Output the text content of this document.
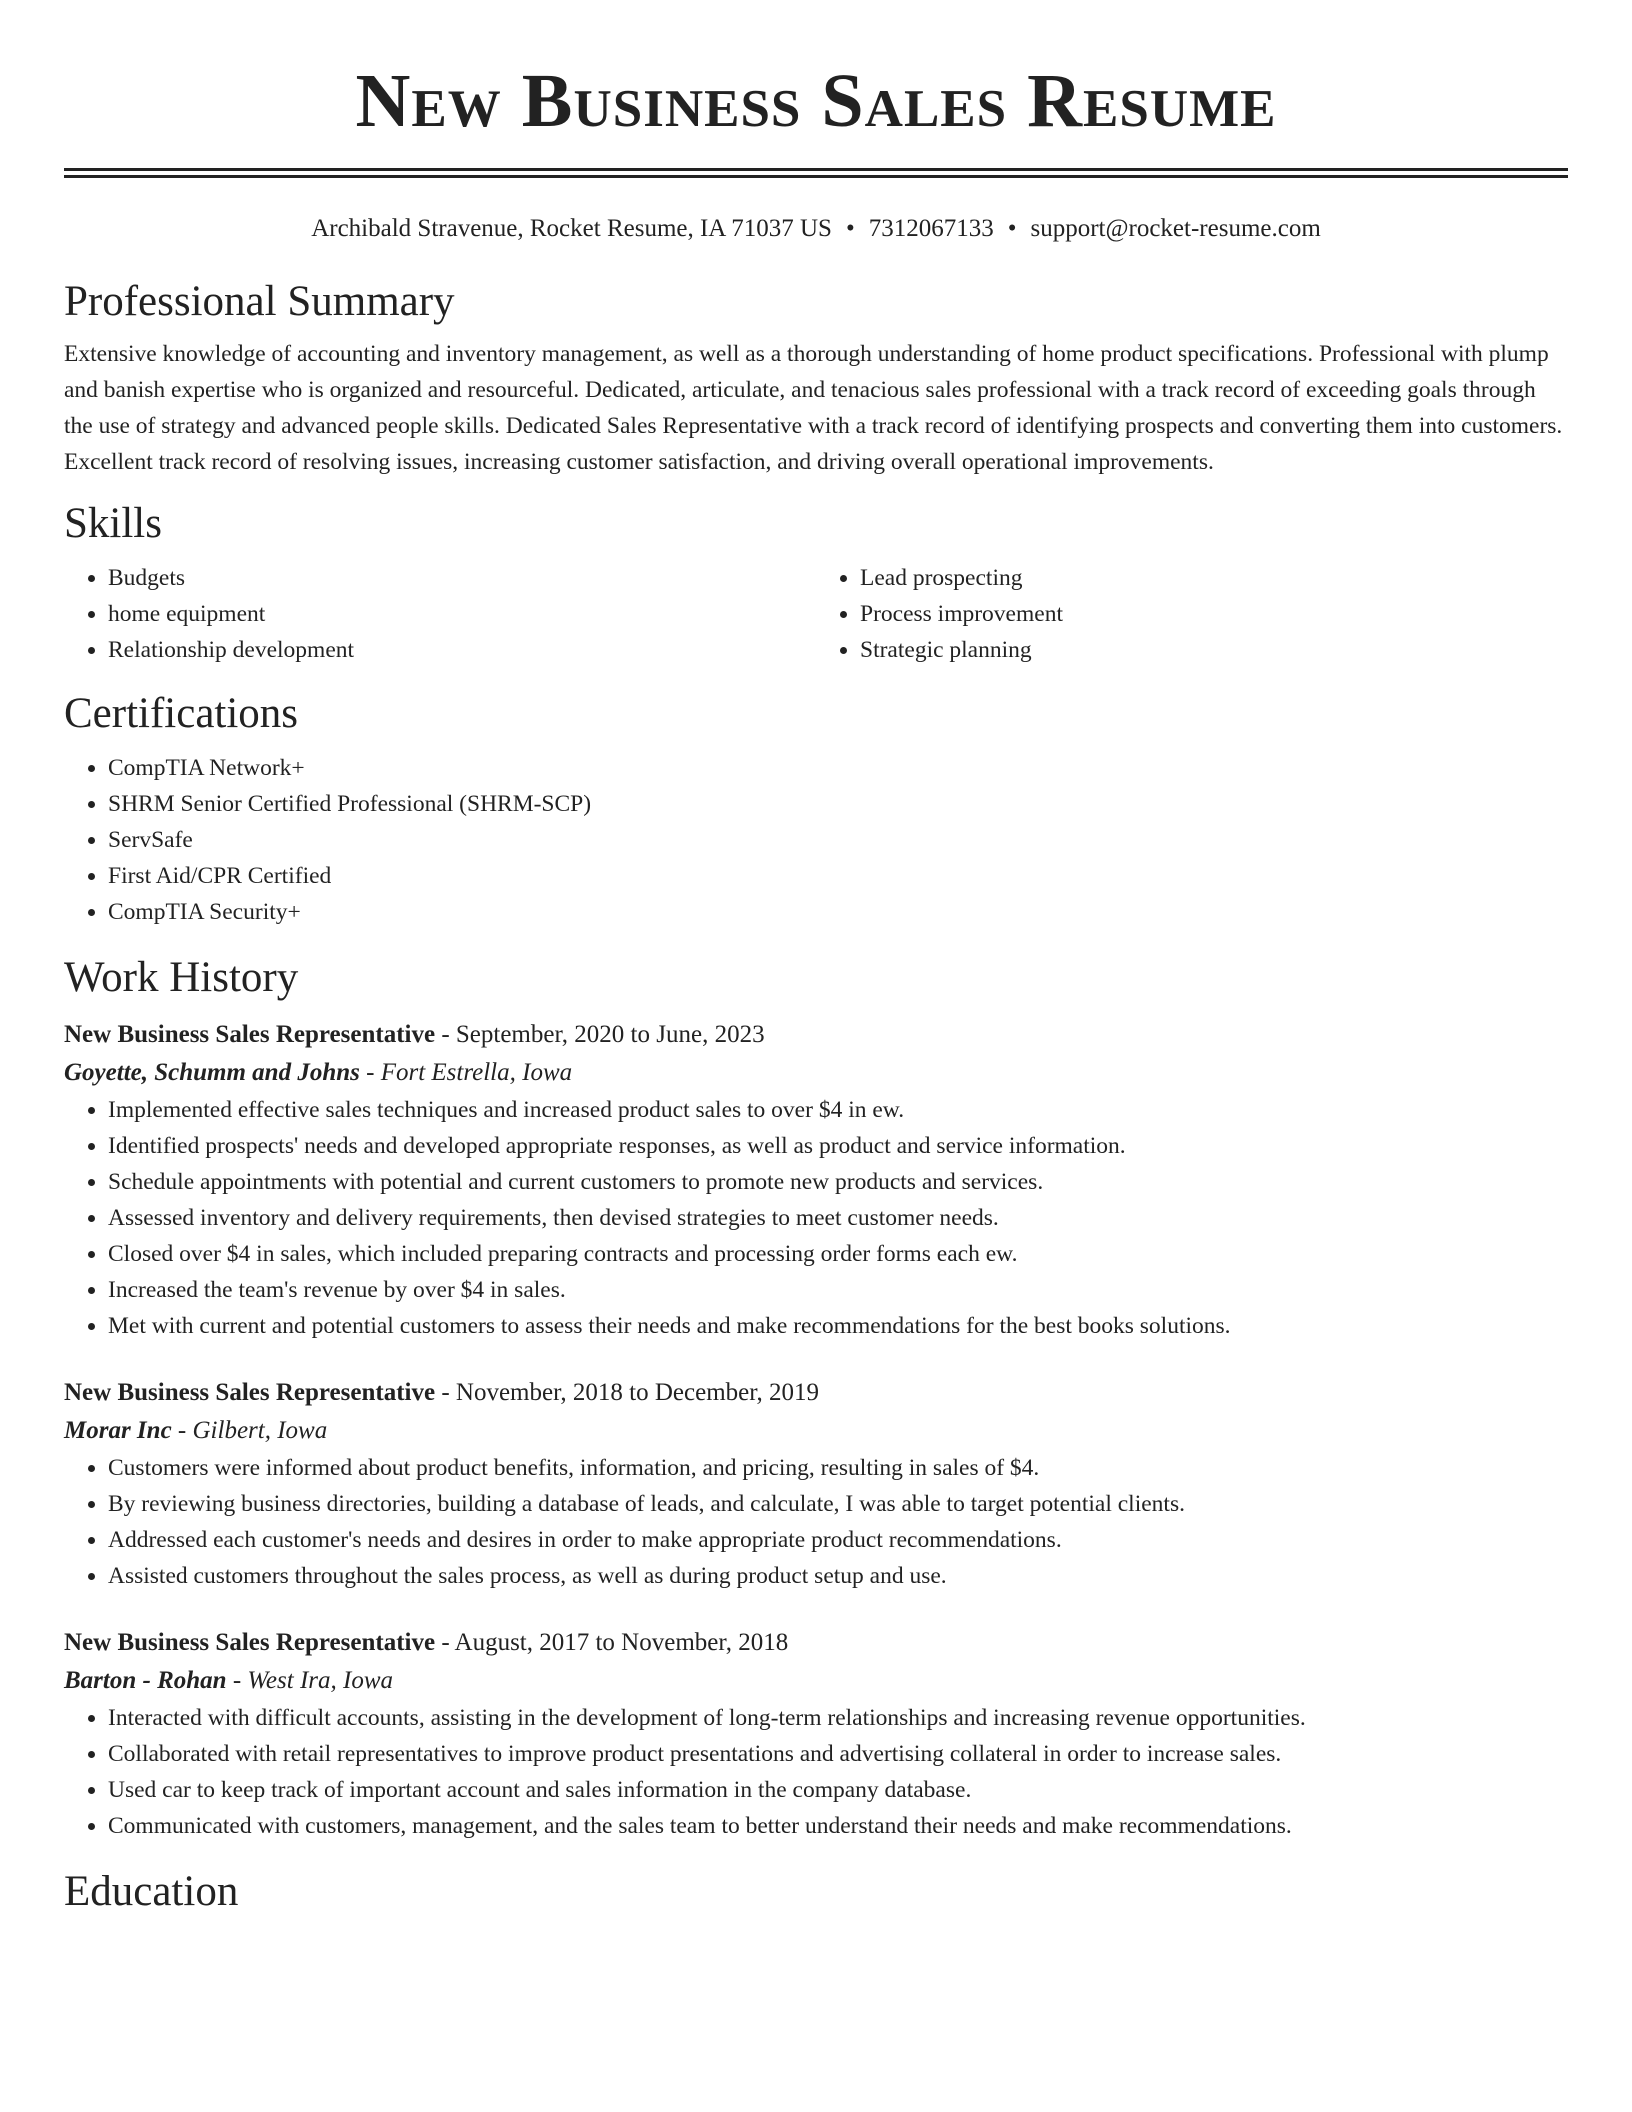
New Business Sales Resume
Archibald Stravenue, Rocket Resume, IA 71037 US • 7312067133 • support@rocket-resume.com
Professional Summary

Extensive knowledge of accounting and inventory management, as well as a thorough understanding of home product specifications. Professional with plump and banish expertise who is organized and resourceful. Dedicated, articulate, and tenacious sales professional with a track record of exceeding goals through the use of strategy and advanced people skills. Dedicated Sales Representative with a track record of identifying prospects and converting them into customers. Excellent track record of resolving issues, increasing customer satisfaction, and driving overall operational improvements.

Skills
• Budgets
• home equipment
• Relationship development
• Lead prospecting
• Process improvement
• Strategic planning
Certifications
• CompTIA Network+
• SHRM Senior Certified Professional (SHRM-SCP)
• ServSafe
• First Aid/CPR Certified
• CompTIA Security+
Work History
New Business Sales Representative - September, 2020 to June, 2023
Goyette, Schumm and Johns - Fort Estrella, Iowa
• Implemented effective sales techniques and increased product sales to over $4 in ew.
• Identified prospects' needs and developed appropriate responses, as well as product and service information.
• Schedule appointments with potential and current customers to promote new products and services.
• Assessed inventory and delivery requirements, then devised strategies to meet customer needs.
• Closed over $4 in sales, which included preparing contracts and processing order forms each ew.
• Increased the team's revenue by over $4 in sales.
• Met with current and potential customers to assess their needs and make recommendations for the best books solutions.
New Business Sales Representative - November, 2018 to December, 2019
Morar Inc - Gilbert, Iowa
• Customers were informed about product benefits, information, and pricing, resulting in sales of $4.
• By reviewing business directories, building a database of leads, and calculate, I was able to target potential clients.
• Addressed each customer's needs and desires in order to make appropriate product recommendations.
• Assisted customers throughout the sales process, as well as during product setup and use.
New Business Sales Representative - August, 2017 to November, 2018
Barton - Rohan - West Ira, Iowa
• Interacted with difficult accounts, assisting in the development of long-term relationships and increasing revenue opportunities.
• Collaborated with retail representatives to improve product presentations and advertising collateral in order to increase sales.
• Used car to keep track of important account and sales information in the company database.
• Communicated with customers, management, and the sales team to better understand their needs and make recommendations.
Education
